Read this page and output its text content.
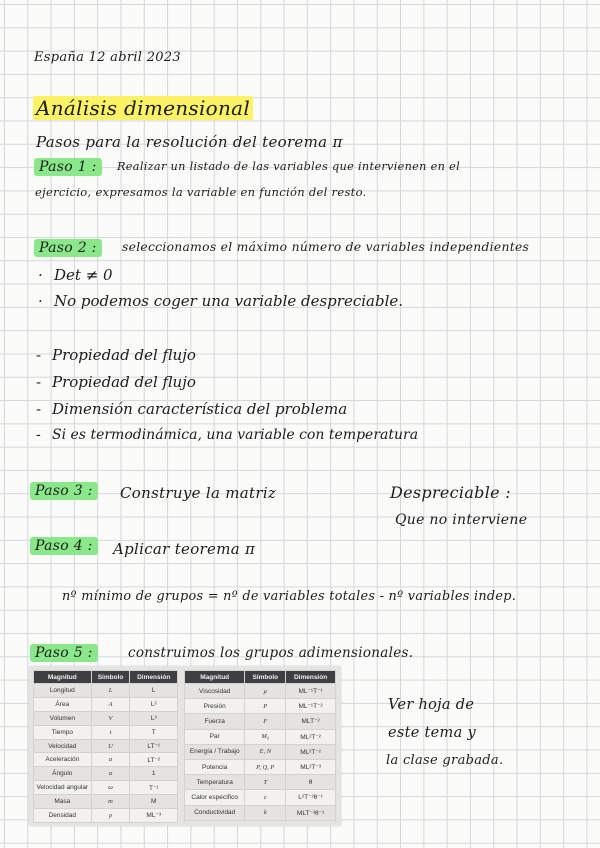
España 12 abril 2023
Análisis dimensional
Pasos para la resolución del teorema π
Paso 1 :	Realizar un listado de las variables que intervienen en el
ejercicio, expresamos la variable en función del resto.
Paso 2 :	seleccionamos el máximo número de variables independientes
· Det ≠ 0
· No podemos coger una variable despreciable.
- Propiedad del flujo
- Propiedad del flujo
- Dimensión característica del problema
- Si es termodinámica, una variable con temperatura
Paso 3 :	Construye la matriz	Despreciable :
Que no interviene
Paso 4 :	Aplicar teorema π
nº mínimo de grupos = nº de variables totales - nº variables indep.
Paso 5 :	construimos los grupos adimensionales.
Magnitud	Símbolo	Dimensión
Longitud	L	L
Área	A	L²
Volumen	V	L³
Tiempo	t	T
Velocidad	U	LT⁻¹
Aceleración	a	LT⁻²
Ángulo	α	1
Velocidad angular	ω	T⁻¹
Masa	m	M
Densidad	ρ	ML⁻³
Magnitud	Símbolo	Dimensión
Viscosidad	μ	ML⁻¹T⁻¹
Presión	P	ML⁻¹T⁻²
Fuerza	F	MLT⁻²
Par	M₀	ML²T⁻²
Energía / Trabajo	E, N	ML²T⁻²
Potencia	P, Q, P	ML²T⁻³
Temperatura	T	θ
Calor específico	c	L²T⁻²θ⁻¹
Conductividad	k	MLT⁻³θ⁻¹
Ver hoja de
este tema y
la clase grabada.
